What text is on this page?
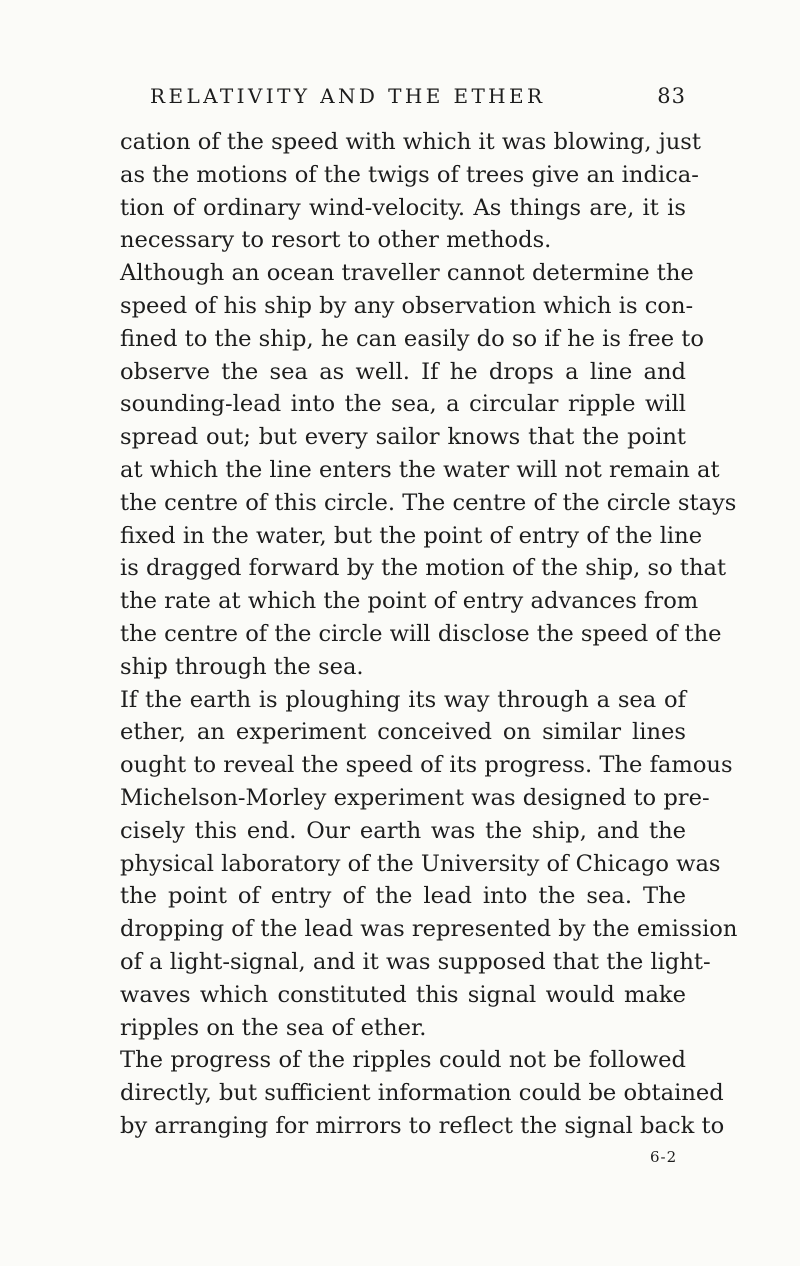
RELATIVITY AND THE ETHER	83
cation of the speed with which it was blowing, just
as the motions of the twigs of trees give an indica-
tion of ordinary wind-velocity. As things are, it is
necessary to resort to other methods.
Although an ocean traveller cannot determine the
speed of his ship by any observation which is con-
fined to the ship, he can easily do so if he is free to
observe the sea as well. If he drops a line and
sounding-lead into the sea, a circular ripple will
spread out; but every sailor knows that the point
at which the line enters the water will not remain at
the centre of this circle. The centre of the circle stays
fixed in the water, but the point of entry of the line
is dragged forward by the motion of the ship, so that
the rate at which the point of entry advances from
the centre of the circle will disclose the speed of the
ship through the sea.
If the earth is ploughing its way through a sea of
ether, an experiment conceived on similar lines
ought to reveal the speed of its progress. The famous
Michelson-Morley experiment was designed to pre-
cisely this end. Our earth was the ship, and the
physical laboratory of the University of Chicago was
the point of entry of the lead into the sea. The
dropping of the lead was represented by the emission
of a light-signal, and it was supposed that the light-
waves which constituted this signal would make
ripples on the sea of ether.
The progress of the ripples could not be followed
directly, but sufficient information could be obtained
by arranging for mirrors to reflect the signal back to
6-2
